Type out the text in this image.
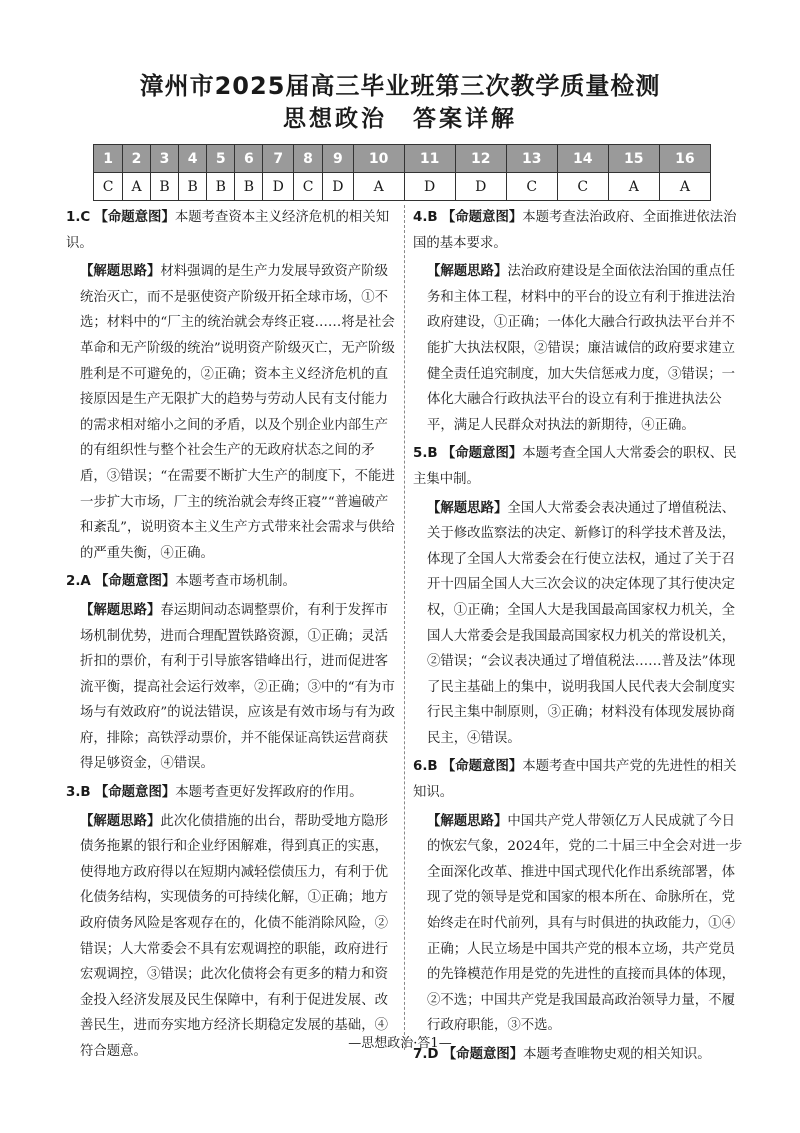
漳州市2025届高三毕业班第三次教学质量检测
思想政治　答案详解
1	2	3	4	5	6	7	8	9	10	11	12	13	14	15	16
C	A	B	B	B	B	D	C	D	A	D	D	C	C	A	A
1.C 【命题意图】本题考查资本主义经济危机的相关知识。
【解题思路】材料强调的是生产力发展导致资产阶级统治灭亡，而不是驱使资产阶级开拓全球市场，①不选；材料中的“厂主的统治就会寿终正寝……将是社会革命和无产阶级的统治”说明资产阶级灭亡，无产阶级胜利是不可避免的，②正确；资本主义经济危机的直接原因是生产无限扩大的趋势与劳动人民有支付能力的需求相对缩小之间的矛盾，以及个别企业内部生产的有组织性与整个社会生产的无政府状态之间的矛盾，③错误；“在需要不断扩大生产的制度下，不能进一步扩大市场，厂主的统治就会寿终正寝”“普遍破产和紊乱”，说明资本主义生产方式带来社会需求与供给的严重失衡，④正确。
2.A 【命题意图】本题考查市场机制。
【解题思路】春运期间动态调整票价，有利于发挥市场机制优势，进而合理配置铁路资源，①正确；灵活折扣的票价，有利于引导旅客错峰出行，进而促进客流平衡，提高社会运行效率，②正确；③中的“有为市场与有效政府”的说法错误，应该是有效市场与有为政府，排除；高铁浮动票价，并不能保证高铁运营商获得足够资金，④错误。
3.B 【命题意图】本题考查更好发挥政府的作用。
【解题思路】此次化债措施的出台，帮助受地方隐形债务拖累的银行和企业纾困解难，得到真正的实惠，使得地方政府得以在短期内减轻偿债压力，有利于优化债务结构，实现债务的可持续化解，①正确；地方政府债务风险是客观存在的，化债不能消除风险，②错误；人大常委会不具有宏观调控的职能，政府进行宏观调控，③错误；此次化债将会有更多的精力和资金投入经济发展及民生保障中，有利于促进发展、改善民生，进而夯实地方经济长期稳定发展的基础，④符合题意。
4.B 【命题意图】本题考查法治政府、全面推进依法治国的基本要求。
【解题思路】法治政府建设是全面依法治国的重点任务和主体工程，材料中的平台的设立有利于推进法治政府建设，①正确；一体化大融合行政执法平台并不能扩大执法权限，②错误；廉洁诚信的政府要求建立健全责任追究制度，加大失信惩戒力度，③错误；一体化大融合行政执法平台的设立有利于推进执法公平，满足人民群众对执法的新期待，④正确。
5.B 【命题意图】本题考查全国人大常委会的职权、民主集中制。
【解题思路】全国人大常委会表决通过了增值税法、关于修改监察法的决定、新修订的科学技术普及法，体现了全国人大常委会在行使立法权，通过了关于召开十四届全国人大三次会议的决定体现了其行使决定权，①正确；全国人大是我国最高国家权力机关，全国人大常委会是我国最高国家权力机关的常设机关，②错误；“会议表决通过了增值税法……普及法”体现了民主基础上的集中，说明我国人民代表大会制度实行民主集中制原则，③正确；材料没有体现发展协商民主，④错误。
6.B 【命题意图】本题考查中国共产党的先进性的相关知识。
【解题思路】中国共产党人带领亿万人民成就了今日的恢宏气象，2024年，党的二十届三中全会对进一步全面深化改革、推进中国式现代化作出系统部署，体现了党的领导是党和国家的根本所在、命脉所在，党始终走在时代前列，具有与时俱进的执政能力，①④正确；人民立场是中国共产党的根本立场，共产党员的先锋模范作用是党的先进性的直接而具体的体现，②不选；中国共产党是我国最高政治领导力量，不履行政府职能，③不选。
7.D 【命题意图】本题考查唯物史观的相关知识。
—思想政治·答1—
